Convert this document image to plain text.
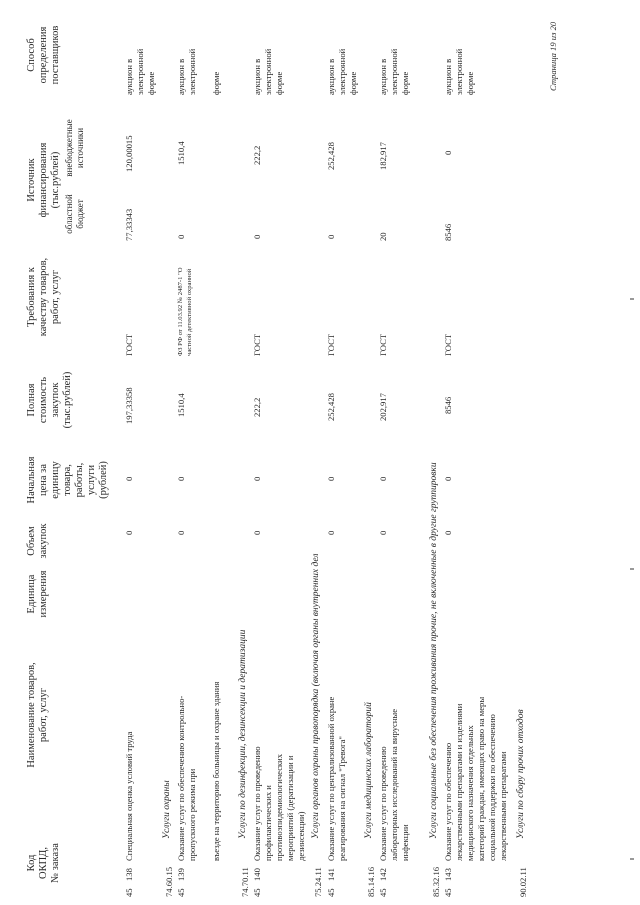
Код ОКПД, № заказа
Наименование товаров, работ, услуг
Единица измерения
Объем закупок
Начальная цена за единицу товара, работы, услуги (рублей)
Полная стоимость закупок (тыс.рублей)
Требования к качеству товаров, работ, услуг
Источник финансирования (тыс.рублей)
областной бюджет
внебюджетные источники
Способ определения поставщиков
45
138
Специальная оценка условий труда
0
0
197,33358
ГОСТ
77,33343
120,00015
аукцион в электронной форме
74.60.15
Услуги охраны
45
139
Оказание услуг по обеспечению контрольно-пропускного режима при въезде на территорию больницы и охране здания
0
0
1510,4
ФЗ РФ от 11.03.92 № 2487-1 "О частной детективной охранной
0
1510,4
аукцион в электронной форме
74.70.11
Услуги по дезинфекции, дезинсекции и дератизации
45
140
Оказание услуг по проведению профилактических и противоэпидемиологических мероприятий (дератизации и дезинсекции)
0
0
222,2
ГОСТ
0
222,2
аукцион в электронной форме
75.24.11
Услуги органов охраны правопорядка (включая органы внутренних дел
45
141
Оказание услуг по централизованной охране реагирования на сигнал "Тревога"
0
0
252,428
ГОСТ
0
252,428
аукцион в электронной форме
85.14.16
Услуги медицинских лабораторий
45
142
Оказание услуг по проведению лабораторных исследований на вирусные инфекции
0
0
202,917
ГОСТ
20
182,917
аукцион в электронной форме
85.32.16
Услуги социальные без обеспечения проживания прочие, не включенные в другие группировки
45
143
Оказание услуг по обеспечению лекарственными препаратами и изделиями медицинского назначения отдельных категорий граждан, имеющих право на меры социальной поддержки по обеспечению лекарственными препаратами
0
0
8546
ГОСТ
8546
0
аукцион в электронной форме
90.02.11
Услуги по сбору прочих отходов
Страница 19 из 20
